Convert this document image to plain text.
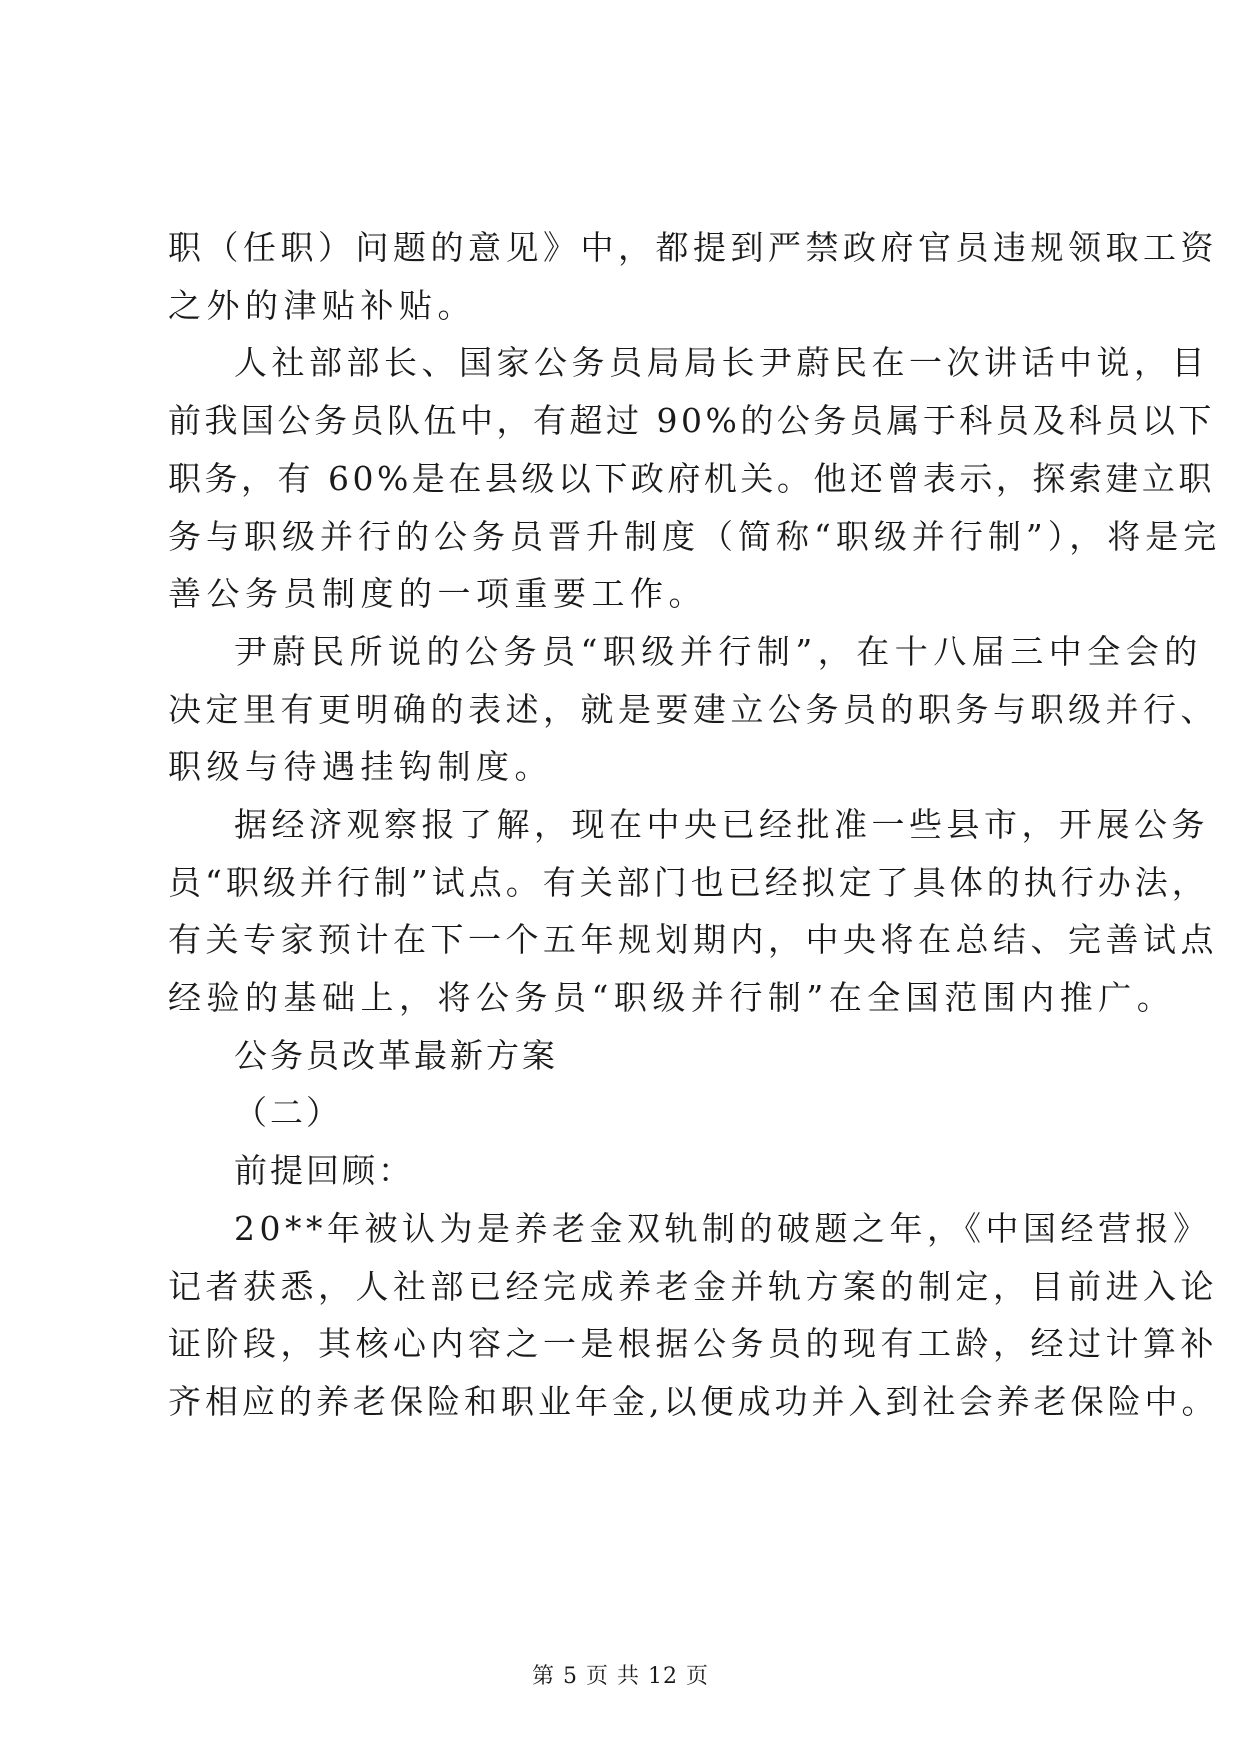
职（任职）问题的意见》中，都提到严禁政府官员违规领取工资
之外的津贴补贴。
人社部部长、国家公务员局局长尹蔚民在一次讲话中说，目
前我国公务员队伍中，有超过 90%的公务员属于科员及科员以下
职务，有 60%是在县级以下政府机关。他还曾表示，探索建立职
务与职级并行的公务员晋升制度（简称“职级并行制”），将是完
善公务员制度的一项重要工作。
尹蔚民所说的公务员“职级并行制”，在十八届三中全会的
决定里有更明确的表述，就是要建立公务员的职务与职级并行、
职级与待遇挂钩制度。
据经济观察报了解，现在中央已经批准一些县市，开展公务
员“职级并行制”试点。有关部门也已经拟定了具体的执行办法，
有关专家预计在下一个五年规划期内，中央将在总结、完善试点
经验的基础上，将公务员“职级并行制”在全国范围内推广。
公务员改革最新方案
（二）
前提回顾：
20**年被认为是养老金双轨制的破题之年，《中国经营报》
记者获悉，人社部已经完成养老金并轨方案的制定，目前进入论
证阶段，其核心内容之一是根据公务员的现有工龄，经过计算补
齐相应的养老保险和职业年金,以便成功并入到社会养老保险中。
第 5 页 共 12 页
